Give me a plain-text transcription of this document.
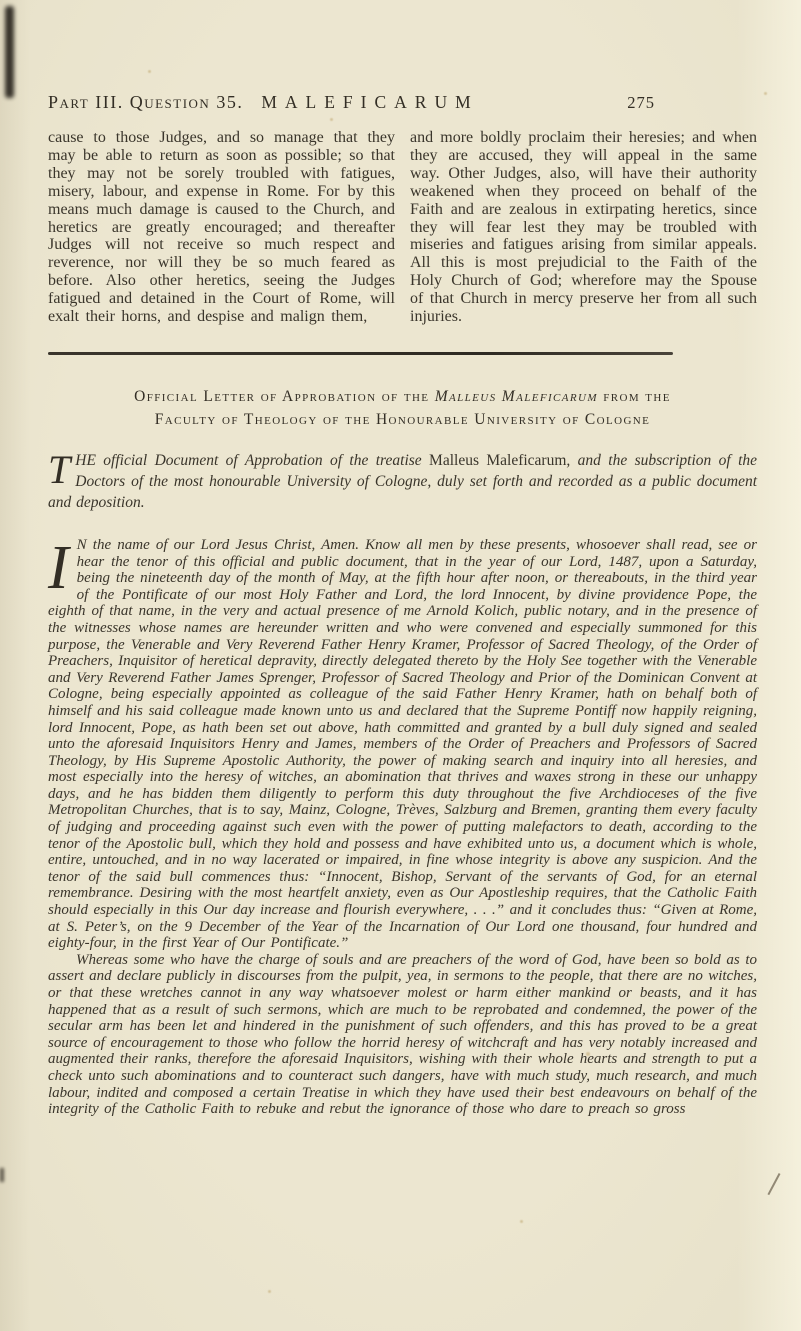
Part III. Question 35. MALEFICARUM	275
cause to those Judges, and so manage that they may be able to return as soon as possible; so that they may not be sorely troubled with fatigues, misery, labour, and expense in Rome. For by this means much damage is caused to the Church, and heretics are greatly encouraged; and thereafter Judges will not receive so much respect and reverence, nor will they be so much feared as before. Also other heretics, seeing the Judges fatigued and detained in the Court of Rome, will exalt their horns, and despise and malign them,
and more boldly proclaim their heresies; and when they are accused, they will appeal in the same way. Other Judges, also, will have their authority weakened when they proceed on behalf of the Faith and are zealous in extirpating heretics, since they will fear lest they may be troubled with miseries and fatigues arising from similar appeals. All this is most prejudicial to the Faith of the Holy Church of God; wherefore may the Spouse of that Church in mercy preserve her from all such injuries.
Official Letter of Approbation of the Malleus Maleficarum from the
Faculty of Theology of the Honourable University of Cologne

THE official Document of Approbation of the treatise Malleus Maleficarum, and the subscription of the Doctors of the most honourable University of Cologne, duly set forth and recorded as a public document and deposition.

I N the name of our Lord Jesus Christ, Amen. Know all men by these presents, whosoever shall read, see or hear the tenor of this official and public document, that in the year of our Lord, 1487, upon a Saturday, being the nineteenth day of the month of May, at the fifth hour after noon, or thereabouts, in the third year of the Pontificate of our most Holy Father and Lord, the lord Innocent, by divine providence Pope, the eighth of that name, in the very and actual presence of me Arnold Kolich, public notary, and in the presence of the witnesses whose names are hereunder written and who were convened and especially summoned for this purpose, the Venerable and Very Reverend Father Henry Kramer, Professor of Sacred Theology, of the Order of Preachers, Inquisitor of heretical depravity, directly delegated thereto by the Holy See together with the Venerable and Very Reverend Father James Sprenger, Professor of Sacred Theology and Prior of the Dominican Convent at Cologne, being especially appointed as colleague of the said Father Henry Kramer, hath on behalf both of himself and his said colleague made known unto us and declared that the Supreme Pontiff now happily reigning, lord Innocent, Pope, as hath been set out above, hath committed and granted by a bull duly signed and sealed unto the aforesaid Inquisitors Henry and James, members of the Order of Preachers and Professors of Sacred Theology, by His Supreme Apostolic Authority, the power of making search and inquiry into all heresies, and most especially into the heresy of witches, an abomination that thrives and waxes strong in these our unhappy days, and he has bidden them diligently to perform this duty throughout the five Archdioceses of the five Metropolitan Churches, that is to say, Mainz, Cologne, Trèves, Salzburg and Bremen, granting them every faculty of judging and proceeding against such even with the power of putting malefactors to death, according to the tenor of the Apostolic bull, which they hold and possess and have exhibited unto us, a document which is whole, entire, untouched, and in no way lacerated or impaired, in fine whose integrity is above any suspicion. And the tenor of the said bull commences thus: “Innocent, Bishop, Servant of the servants of God, for an eternal remembrance. Desiring with the most heartfelt anxiety, even as Our Apostleship requires, that the Catholic Faith should especially in this Our day increase and flourish everywhere, . . .” and it concludes thus: “Given at Rome, at S. Peter’s, on the 9 December of the Year of the Incarnation of Our Lord one thousand, four hundred and eighty-four, in the first Year of Our Pontificate.”

Whereas some who have the charge of souls and are preachers of the word of God, have been so bold as to assert and declare publicly in discourses from the pulpit, yea, in sermons to the people, that there are no witches, or that these wretches cannot in any way whatsoever molest or harm either mankind or beasts, and it has happened that as a result of such sermons, which are much to be reprobated and condemned, the power of the secular arm has been let and hindered in the punishment of such offenders, and this has proved to be a great source of encouragement to those who follow the horrid heresy of witchcraft and has very notably increased and augmented their ranks, therefore the aforesaid Inquisitors, wishing with their whole hearts and strength to put a check unto such abominations and to counteract such dangers, have with much study, much research, and much labour, indited and composed a certain Treatise in which they have used their best endeavours on behalf of the integrity of the Catholic Faith to rebuke and rebut the ignorance of those who dare to preach so gross
